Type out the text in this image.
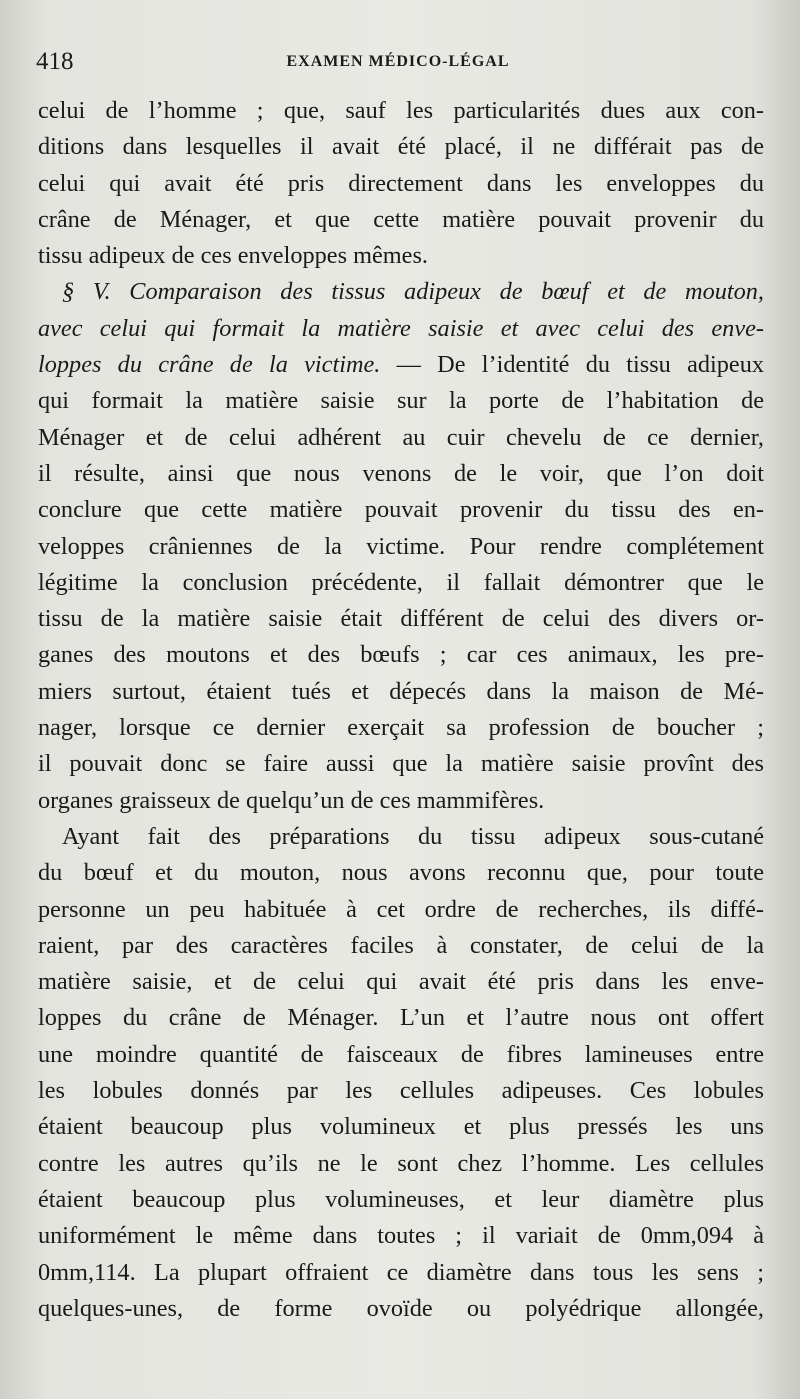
418	EXAMEN MÉDICO-LÉGAL
celui de l’homme ; que, sauf les particularités dues aux con-
ditions dans lesquelles il avait été placé, il ne différait pas de
celui qui avait été pris directement dans les enveloppes du
crâne de Ménager, et que cette matière pouvait provenir du
tissu adipeux de ces enveloppes mêmes.
§ V. Comparaison des tissus adipeux de bœuf et de mouton,
avec celui qui formait la matière saisie et avec celui des enve-
loppes du crâne de la victime. — De l’identité du tissu adipeux
qui formait la matière saisie sur la porte de l’habitation de
Ménager et de celui adhérent au cuir chevelu de ce dernier,
il résulte, ainsi que nous venons de le voir, que l’on doit
conclure que cette matière pouvait provenir du tissu des en-
veloppes crâniennes de la victime. Pour rendre complétement
légitime la conclusion précédente, il fallait démontrer que le
tissu de la matière saisie était différent de celui des divers or-
ganes des moutons et des bœufs ; car ces animaux, les pre-
miers surtout, étaient tués et dépecés dans la maison de Mé-
nager, lorsque ce dernier exerçait sa profession de boucher ;
il pouvait donc se faire aussi que la matière saisie provînt des
organes graisseux de quelqu’un de ces mammifères.
Ayant fait des préparations du tissu adipeux sous-cutané
du bœuf et du mouton, nous avons reconnu que, pour toute
personne un peu habituée à cet ordre de recherches, ils diffé-
raient, par des caractères faciles à constater, de celui de la
matière saisie, et de celui qui avait été pris dans les enve-
loppes du crâne de Ménager. L’un et l’autre nous ont offert
une moindre quantité de faisceaux de fibres lamineuses entre
les lobules donnés par les cellules adipeuses. Ces lobules
étaient beaucoup plus volumineux et plus pressés les uns
contre les autres qu’ils ne le sont chez l’homme. Les cellules
étaient beaucoup plus volumineuses, et leur diamètre plus
uniformément le même dans toutes ; il variait de 0mm,094 à
0mm,114. La plupart offraient ce diamètre dans tous les sens ;
quelques-unes, de forme ovoïde ou polyédrique allongée,
